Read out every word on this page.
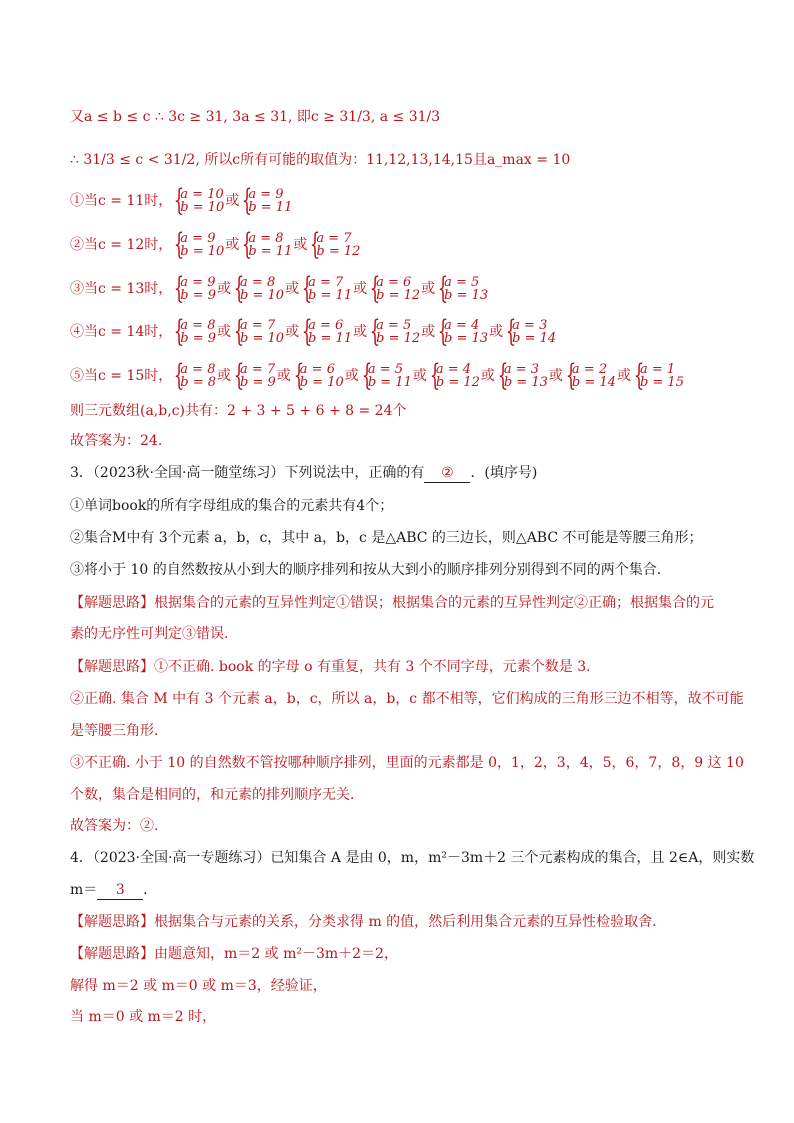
又a ≤ b ≤ c ∴ 3c ≥ 31, 3a ≤ 31, 即c ≥ 31/3, a ≤ 31/3
∴ 31/3 ≤ c < 31/2, 所以c所有可能的取值为：11,12,13,14,15且a_max = 10
①当c = 11时， {
a = 10
b = 10 或 {
a = 9
b = 11
②当c = 12时， {
a = 9
b = 10 或 {
a = 8
b = 11 或 {
a = 7
b = 12
③当c = 13时， {
a = 9
b = 9 或 {
a = 8
b = 10 或 {
a = 7
b = 11 或 {
a = 6
b = 12 或 {
a = 5
b = 13
④当c = 14时， {
a = 8
b = 9 或 {
a = 7
b = 10 或 {
a = 6
b = 11 或 {
a = 5
b = 12 或 {
a = 4
b = 13 或 {
a = 3
b = 14
⑤当c = 15时， {
a = 8
b = 8 或 {
a = 7
b = 9 或 {
a = 6
b = 10 或 {
a = 5
b = 11 或 {
a = 4
b = 12 或 {
a = 3
b = 13 或 {
a = 2
b = 14 或 {
a = 1
b = 15
则三元数组(a,b,c)共有：2 + 3 + 5 + 6 + 8 = 24个
故答案为：24.
3．（2023秋·全国·高一随堂练习）下列说法中，正确的有 ② ．(填序号)
①单词book的所有字母组成的集合的元素共有4个；
②集合M中有 3个元素 a，b，c，其中 a，b，c 是△ABC 的三边长，则△ABC 不可能是等腰三角形；
③将小于 10 的自然数按从小到大的顺序排列和按从大到小的顺序排列分别得到不同的两个集合．
【解题思路】根据集合的元素的互异性判定①错误；根据集合的元素的互异性判定②正确；根据集合的元
素的无序性可判定③错误.
【解题思路】①不正确. book 的字母 o 有重复，共有 3 个不同字母，元素个数是 3.
②正确. 集合 M 中有 3 个元素 a，b，c，所以 a，b，c 都不相等，它们构成的三角形三边不相等，故不可能
是等腰三角形．
③不正确. 小于 10 的自然数不管按哪种顺序排列，里面的元素都是 0，1，2，3，4，5，6，7，8，9 这 10
个数，集合是相同的，和元素的排列顺序无关．
故答案为：②.
4．（2023·全国·高一专题练习）已知集合 A 是由 0，m，m²－3m＋2 三个元素构成的集合，且 2∈A，则实数
m＝ 3 ．
【解题思路】根据集合与元素的关系，分类求得 m 的值，然后利用集合元素的互异性检验取舍.
【解题思路】由题意知，m＝2 或 m²－3m＋2＝2，
解得 m＝2 或 m＝0 或 m＝3，经验证，
当 m＝0 或 m＝2 时，
